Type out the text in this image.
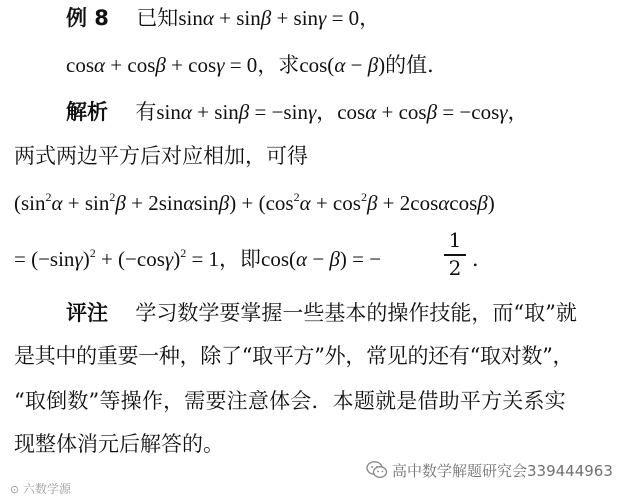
例 8 已知sinα + sinβ + sinγ = 0，
cosα + cosβ + cosγ = 0，求cos(α − β)的值．
解析 有sinα + sinβ = −sinγ，cosα + cosβ = −cosγ，
两式两边平方后对应相加，可得
$(\sin^2\alpha + \sin^2\beta + 2\sin\alpha\sin\beta) + (\cos^2\alpha + \cos^2\beta + 2\cos\alpha\cos\beta)$
= $(-\sin\gamma)^2 + (-\cos\gamma)^2 = 1$，即cos(α − β) = −
1
2 ．
评注 学习数学要掌握一些基本的操作技能，而“取”就
是其中的重要一种，除了“取平方”外，常见的还有“取对数”，
“取倒数”等操作，需要注意体会．本题就是借助平方关系实
现整体消元后解答的。
⊙ 六数学源
高中数学解题研究会339444963
